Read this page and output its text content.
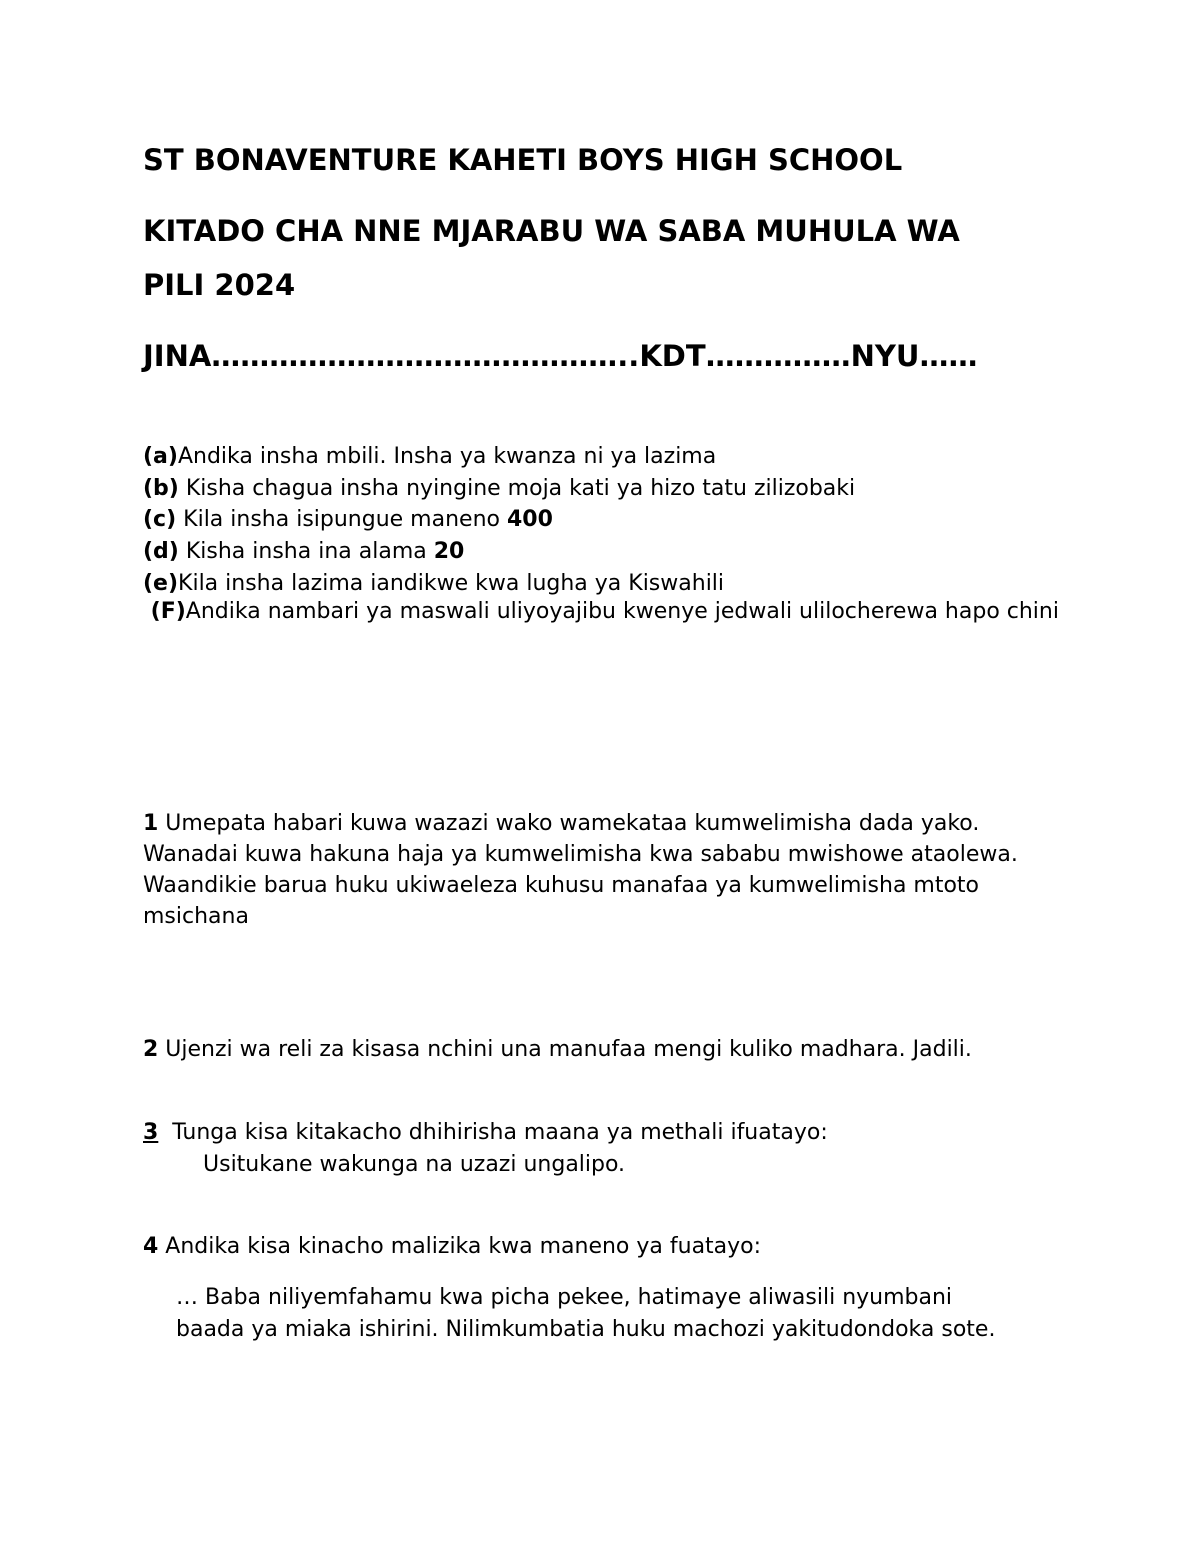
ST BONAVENTURE KAHETI BOYS HIGH SCHOOL
KITADO CHA NNE MJARABU WA SABA MUHULA WA
PILI 2024
JINA……………………………………..KDT……………NYU……
(a)Andika insha mbili. Insha ya kwanza ni ya lazima
(b) Kisha chagua insha nyingine moja kati ya hizo tatu zilizobaki
(c) Kila insha isipungue maneno 400
(d) Kisha insha ina alama 20
(e)Kila insha lazima iandikwe kwa lugha ya Kiswahili
(F)Andika nambari ya maswali uliyoyajibu kwenye jedwali ulilocherewa hapo chini
1 Umepata habari kuwa wazazi wako wamekataa kumwelimisha dada yako. Wanadai kuwa hakuna haja ya kumwelimisha kwa sababu mwishowe ataolewa. Waandikie barua huku ukiwaeleza kuhusu manafaa ya kumwelimisha mtoto msichana
2 Ujenzi wa reli za kisasa nchini una manufaa mengi kuliko madhara. Jadili.
3  Tunga kisa kitakacho dhihirisha maana ya methali ifuatayo:
Usitukane wakunga na uzazi ungalipo.
4 Andika kisa kinacho malizika kwa maneno ya fuatayo:
… Baba niliyemfahamu kwa picha pekee, hatimaye aliwasili nyumbani
baada ya miaka ishirini. Nilimkumbatia huku machozi yakitudondoka sote.
